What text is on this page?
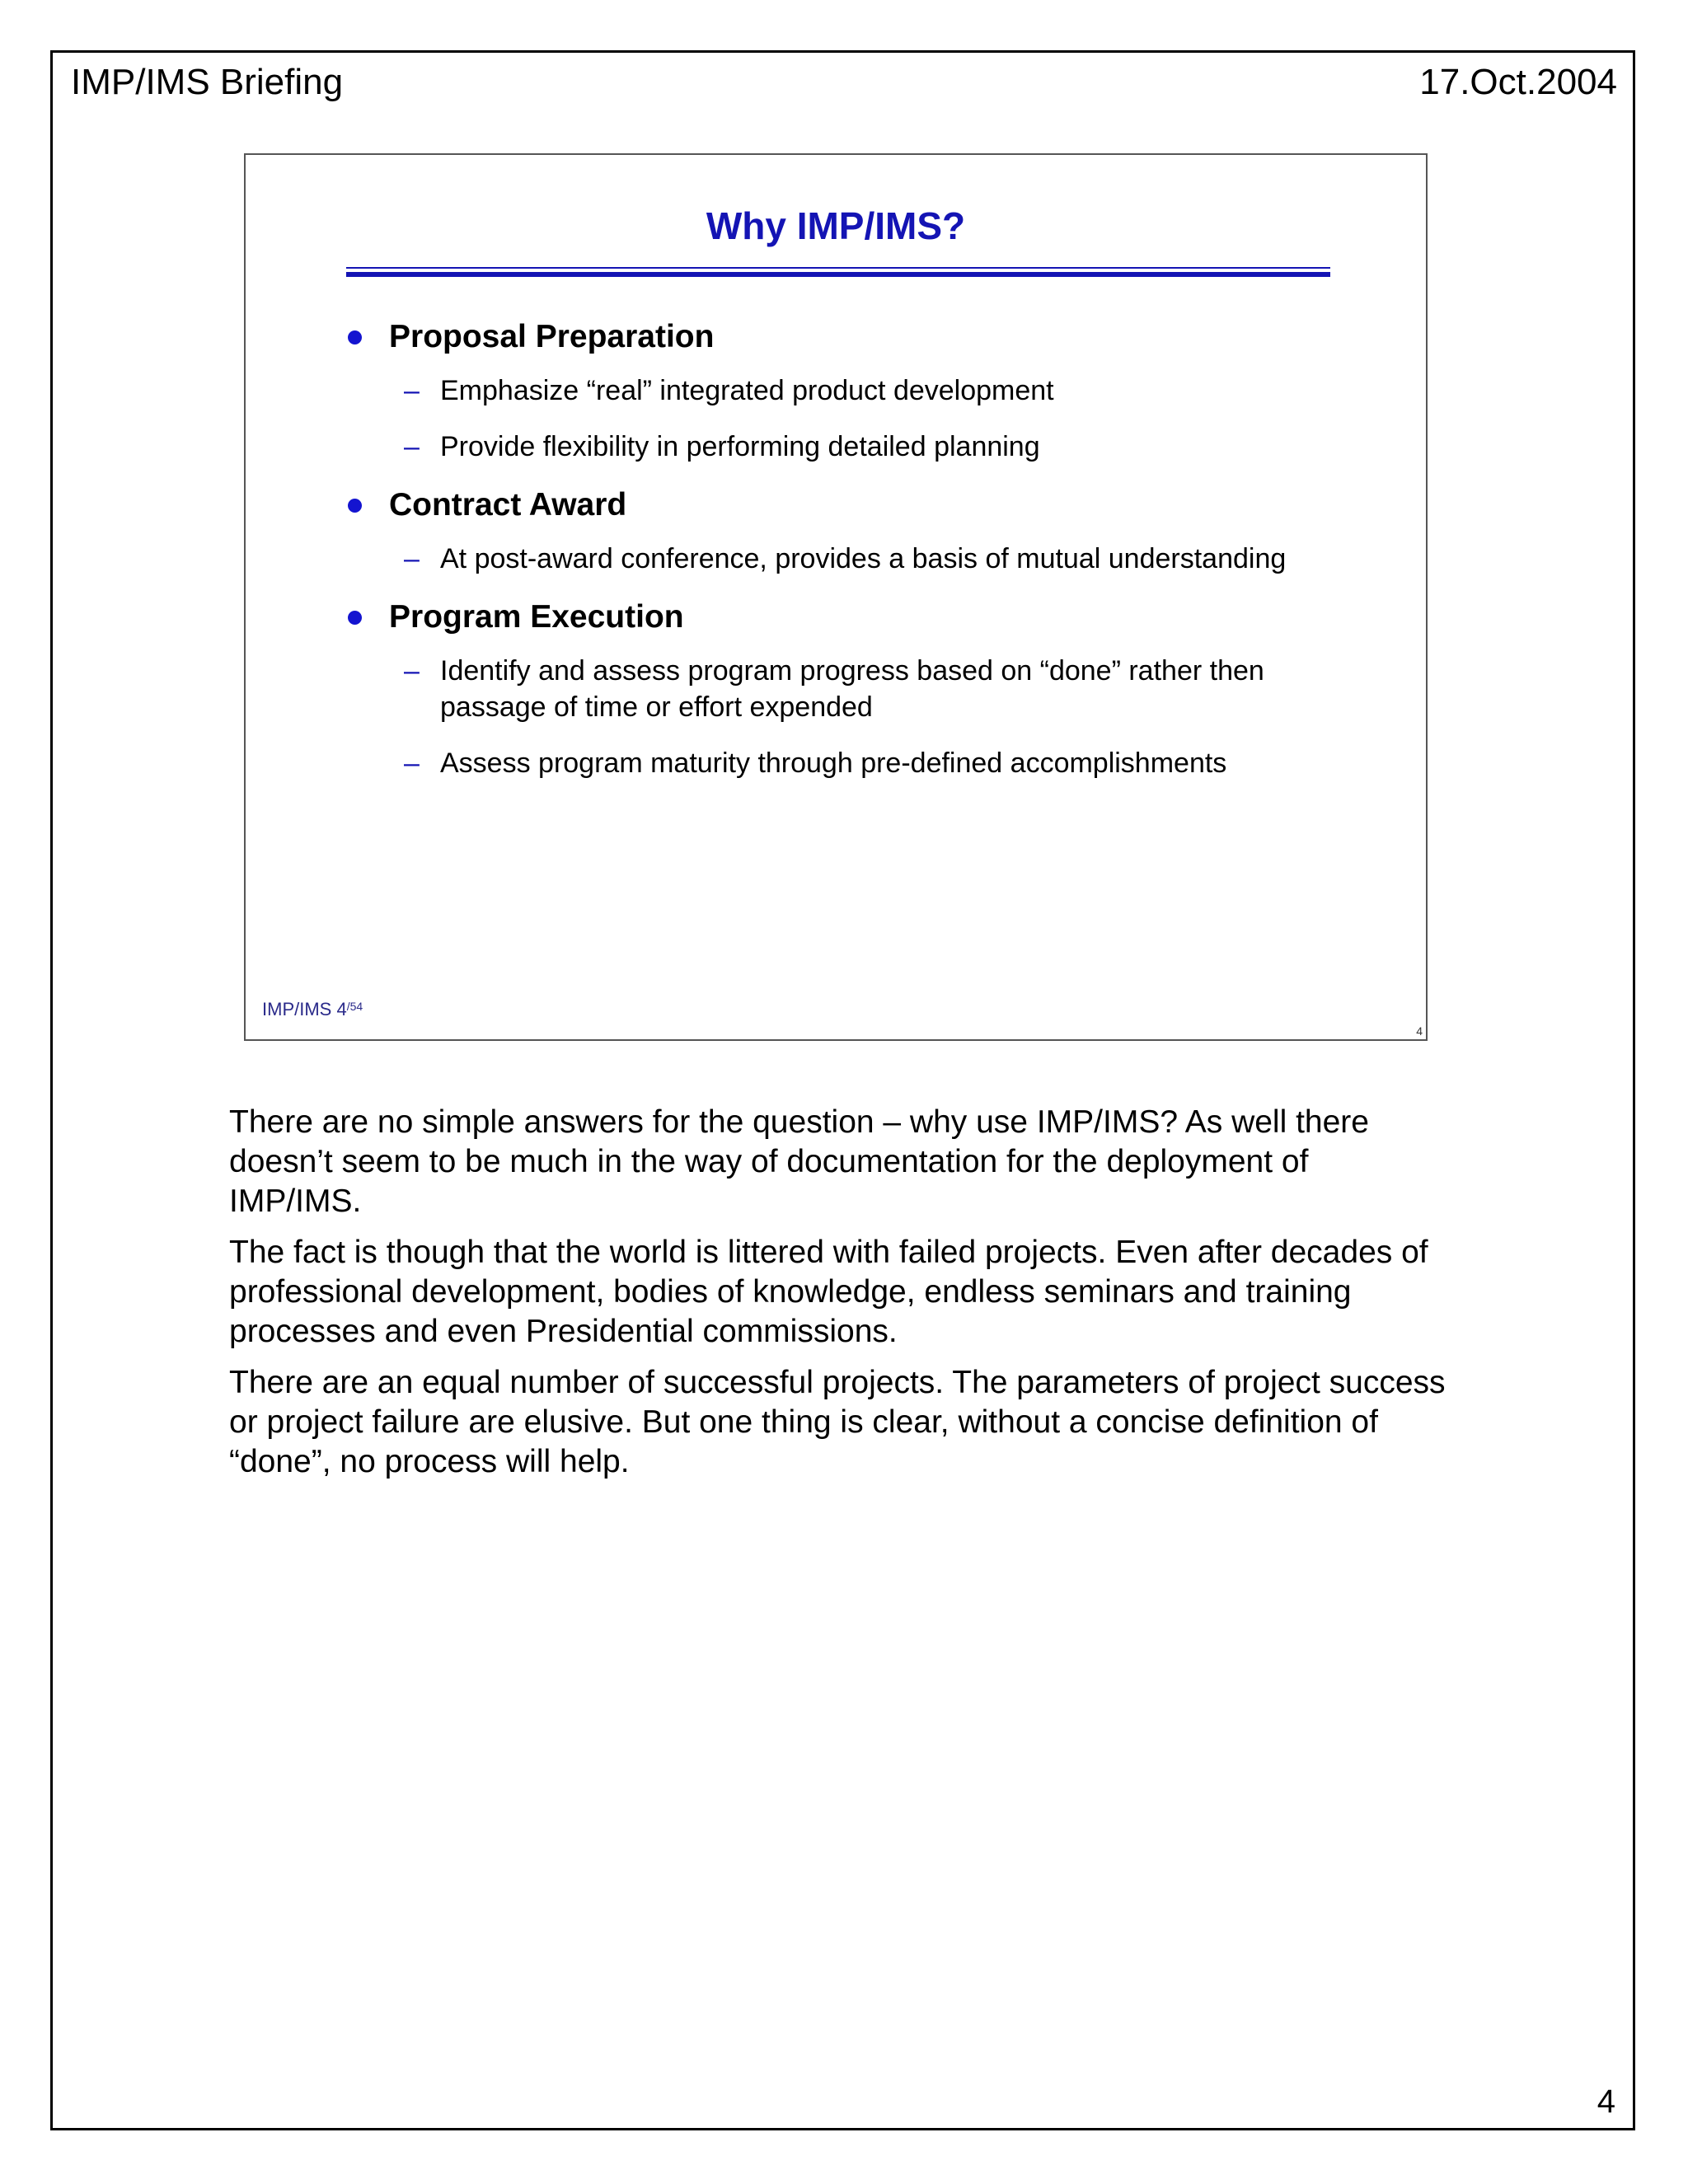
IMP/IMS Briefing	17.Oct.2004
Why IMP/IMS?
Proposal Preparation
– Emphasize “real” integrated product development
– Provide flexibility in performing detailed planning
Contract Award
– At post-award conference, provides a basis of mutual understanding
Program Execution
– Identify and assess program progress based on “done” rather then passage of time or effort expended
– Assess program maturity through pre-defined accomplishments
IMP/IMS $4^{/54}$
4

There are no simple answers for the question – why use IMP/IMS? As well there doesn’t seem to be much in the way of documentation for the deployment of IMP/IMS.

The fact is though that the world is littered with failed projects. Even after decades of professional development, bodies of knowledge, endless seminars and training processes and even Presidential commissions.

There are an equal number of successful projects. The parameters of project success or project failure are elusive. But one thing is clear, without a concise definition of “done”, no process will help.

4
